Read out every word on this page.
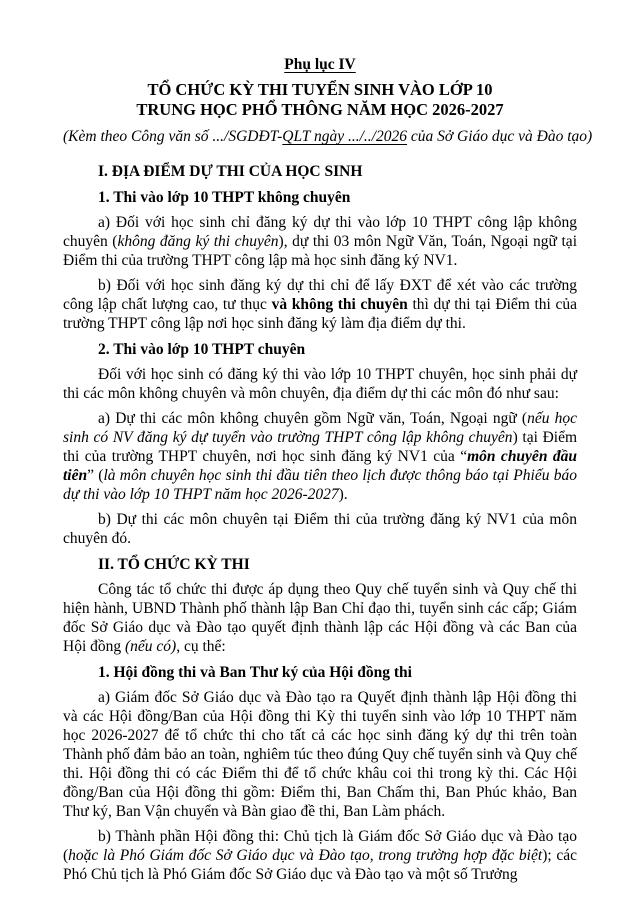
Phụ lục IV
TỔ CHỨC KỲ THI TUYỂN SINH VÀO LỚP 10
TRUNG HỌC PHỔ THÔNG NĂM HỌC 2026-2027
(Kèm theo Công văn số .../SGDĐT-QLT ngày .../../2026 của Sở Giáo dục và Đào tạo)
I. ĐỊA ĐIỂM DỰ THI CỦA HỌC SINH
1. Thi vào lớp 10 THPT không chuyên
a) Đối với học sinh chỉ đăng ký dự thi vào lớp 10 THPT công lập không chuyên (không đăng ký thi chuyên), dự thi 03 môn Ngữ Văn, Toán, Ngoại ngữ tại Điểm thi của trường THPT công lập mà học sinh đăng ký NV1.
b) Đối với học sinh đăng ký dự thi chỉ để lấy ĐXT để xét vào các trường công lập chất lượng cao, tư thục và không thi chuyên thì dự thi tại Điểm thi của trường THPT công lập nơi học sinh đăng ký làm địa điểm dự thi.
2. Thi vào lớp 10 THPT chuyên
Đối với học sinh có đăng ký thi vào lớp 10 THPT chuyên, học sinh phải dự thi các môn không chuyên và môn chuyên, địa điểm dự thi các môn đó như sau:
a) Dự thi các môn không chuyên gồm Ngữ văn, Toán, Ngoại ngữ (nếu học sinh có NV đăng ký dự tuyển vào trường THPT công lập không chuyên) tại Điểm thi của trường THPT chuyên, nơi học sinh đăng ký NV1 của “môn chuyên đầu tiên” (là môn chuyên học sinh thi đầu tiên theo lịch được thông báo tại Phiếu báo dự thi vào lớp 10 THPT năm học 2026-2027).
b) Dự thi các môn chuyên tại Điểm thi của trường đăng ký NV1 của môn chuyên đó.
II. TỔ CHỨC KỲ THI
Công tác tổ chức thi được áp dụng theo Quy chế tuyển sinh và Quy chế thi hiện hành, UBND Thành phố thành lập Ban Chỉ đạo thi, tuyển sinh các cấp; Giám đốc Sở Giáo dục và Đào tạo quyết định thành lập các Hội đồng và các Ban của Hội đồng (nếu có), cụ thể:
1. Hội đồng thi và Ban Thư ký của Hội đồng thi
a) Giám đốc Sở Giáo dục và Đào tạo ra Quyết định thành lập Hội đồng thi và các Hội đồng/Ban của Hội đồng thi Kỳ thi tuyển sinh vào lớp 10 THPT năm học 2026-2027 để tổ chức thi cho tất cả các học sinh đăng ký dự thi trên toàn Thành phố đảm bảo an toàn, nghiêm túc theo đúng Quy chế tuyển sinh và Quy chế thi. Hội đồng thi có các Điểm thi để tổ chức khâu coi thi trong kỳ thi. Các Hội đồng/Ban của Hội đồng thi gồm: Điểm thi, Ban Chấm thi, Ban Phúc khảo, Ban Thư ký, Ban Vận chuyển và Bàn giao đề thi, Ban Làm phách.
b) Thành phần Hội đồng thi: Chủ tịch là Giám đốc Sở Giáo dục và Đào tạo (hoặc là Phó Giám đốc Sở Giáo dục và Đào tạo, trong trường hợp đặc biệt); các Phó Chủ tịch là Phó Giám đốc Sở Giáo dục và Đào tạo và một số Trưởng
